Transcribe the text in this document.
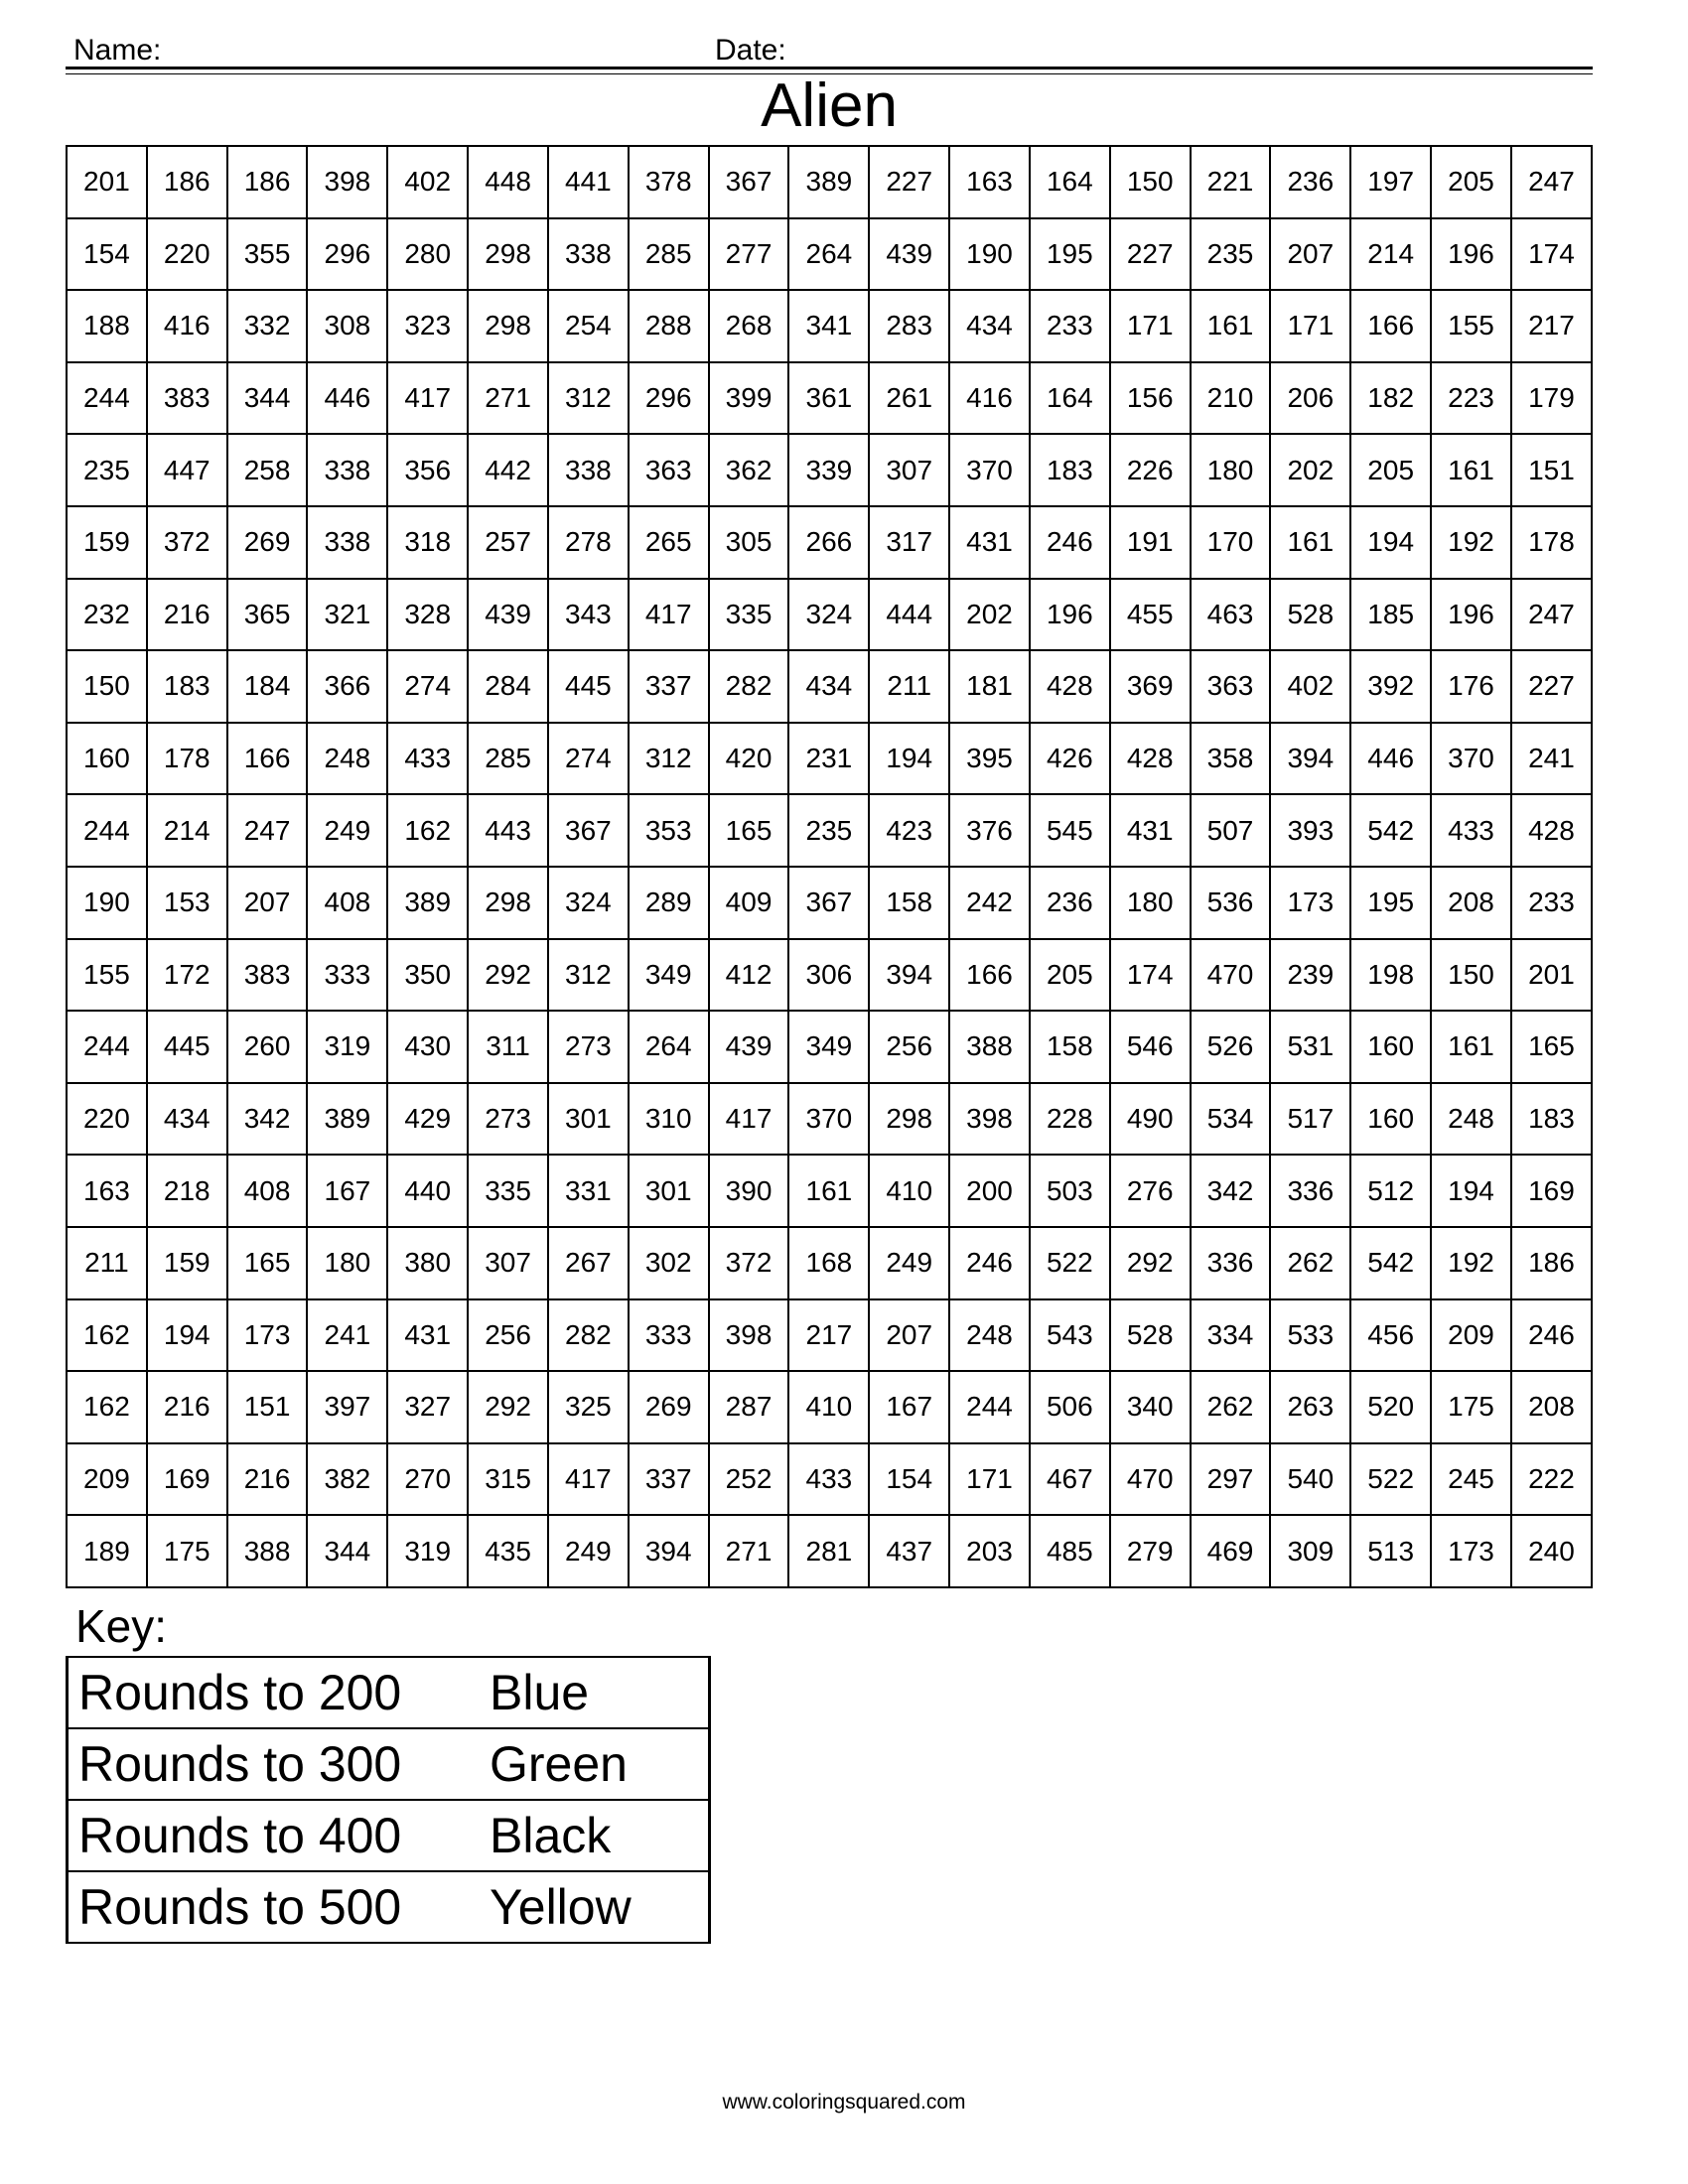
Name:	Date:
Alien
201	186	186	398	402	448	441	378	367	389	227	163	164	150	221	236	197	205	247
154	220	355	296	280	298	338	285	277	264	439	190	195	227	235	207	214	196	174
188	416	332	308	323	298	254	288	268	341	283	434	233	171	161	171	166	155	217
244	383	344	446	417	271	312	296	399	361	261	416	164	156	210	206	182	223	179
235	447	258	338	356	442	338	363	362	339	307	370	183	226	180	202	205	161	151
159	372	269	338	318	257	278	265	305	266	317	431	246	191	170	161	194	192	178
232	216	365	321	328	439	343	417	335	324	444	202	196	455	463	528	185	196	247
150	183	184	366	274	284	445	337	282	434	211	181	428	369	363	402	392	176	227
160	178	166	248	433	285	274	312	420	231	194	395	426	428	358	394	446	370	241
244	214	247	249	162	443	367	353	165	235	423	376	545	431	507	393	542	433	428
190	153	207	408	389	298	324	289	409	367	158	242	236	180	536	173	195	208	233
155	172	383	333	350	292	312	349	412	306	394	166	205	174	470	239	198	150	201
244	445	260	319	430	311	273	264	439	349	256	388	158	546	526	531	160	161	165
220	434	342	389	429	273	301	310	417	370	298	398	228	490	534	517	160	248	183
163	218	408	167	440	335	331	301	390	161	410	200	503	276	342	336	512	194	169
211	159	165	180	380	307	267	302	372	168	249	246	522	292	336	262	542	192	186
162	194	173	241	431	256	282	333	398	217	207	248	543	528	334	533	456	209	246
162	216	151	397	327	292	325	269	287	410	167	244	506	340	262	263	520	175	208
209	169	216	382	270	315	417	337	252	433	154	171	467	470	297	540	522	245	222
189	175	388	344	319	435	249	394	271	281	437	203	485	279	469	309	513	173	240
Key:
Rounds to 200	Blue
Rounds to 300	Green
Rounds to 400	Black
Rounds to 500	Yellow
www.coloringsquared.com
